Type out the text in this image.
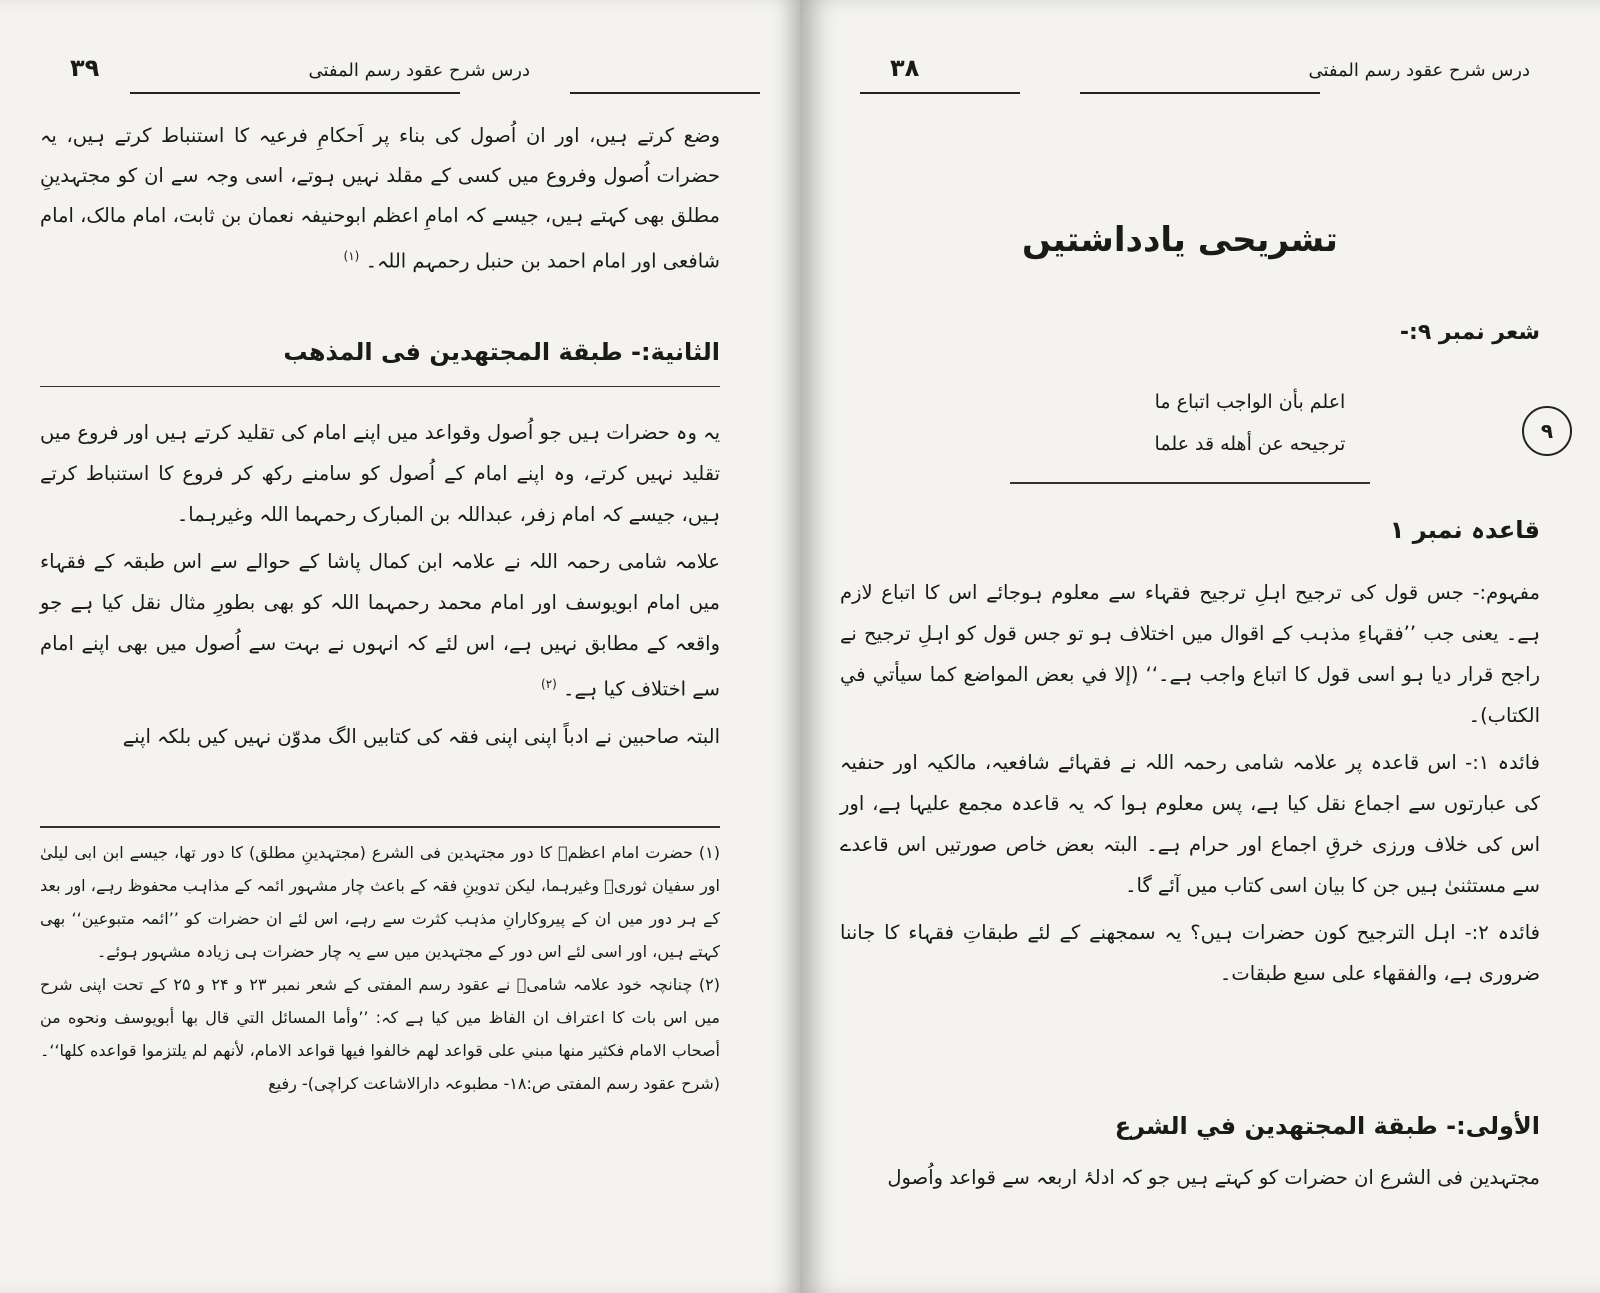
درس شرح عقود رسم المفتی
۳۹

وضع کرتے ہیں، اور ان اُصول کی بناء پر اَحکامِ فرعیہ کا استنباط کرتے ہیں، یہ حضرات اُصول وفروع میں کسی کے مقلد نہیں ہوتے، اسی وجہ سے ان کو مجتہدینِ مطلق بھی کہتے ہیں، جیسے کہ امامِ اعظم ابوحنیفہ نعمان بن ثابت، امام مالک، امام شافعی اور امام احمد بن حنبل رحمہم اللہ۔ $^{(۱)}$

الثانیة:- طبقة المجتهدين فی المذهب

یہ وہ حضرات ہیں جو اُصول وقواعد میں اپنے امام کی تقلید کرتے ہیں اور فروع میں تقلید نہیں کرتے، وہ اپنے امام کے اُصول کو سامنے رکھ کر فروع کا استنباط کرتے ہیں، جیسے کہ امام زفر، عبداللہ بن المبارک رحمہما اللہ وغیرہما۔

علامہ شامی رحمہ اللہ نے علامہ ابن کمال پاشا کے حوالے سے اس طبقہ کے فقہاء میں امام ابویوسف اور امام محمد رحمہما اللہ کو بھی بطورِ مثال نقل کیا ہے جو واقعہ کے مطابق نہیں ہے، اس لئے کہ انہوں نے بہت سے اُصول میں بھی اپنے امام سے اختلاف کیا ہے۔ $^{(۲)}$

البتہ صاحبین نے ادباً اپنی اپنی فقہ کی کتابیں الگ مدوّن نہیں کیں بلکہ اپنے

(۱) حضرت امام اعظمؒ کا دور مجتہدین فی الشرع (مجتہدینِ مطلق) کا دور تھا، جیسے ابن ابی لیلیٰ اور سفیان ثوریؒ وغیرہما، لیکن تدوینِ فقہ کے باعث چار مشہور ائمہ کے مذاہب محفوظ رہے، اور بعد کے ہر دور میں ان کے پیروکارانِ مذہب کثرت سے رہے، اس لئے ان حضرات کو ’’ائمہ متبوعین‘‘ بھی کہتے ہیں، اور اسی لئے اس دور کے مجتہدین میں سے یہ چار حضرات ہی زیادہ مشہور ہوئے۔

(۲) چنانچہ خود علامہ شامیؒ نے عقود رسم المفتی کے شعر نمبر ۲۳ و ۲۴ و ۲۵ کے تحت اپنی شرح میں اس بات کا اعتراف ان الفاظ میں کیا ہے کہ: ’’وأما المسائل التي قال بها أبويوسف ونحوه من أصحاب الامام فكثير منها مبني على قواعد لهم خالفوا فيها قواعد الامام، لأنهم لم يلتزموا قواعده كلها‘‘۔ (شرح عقود رسم المفتی ص:۱۸- مطبوعہ دارالاشاعت کراچی)- رفیع

درس شرح عقود رسم المفتی
۳۸
تشریحی یادداشتیں
شعر نمبر ۹:-
اعلم بأن الواجب اتباع ما
ترجيحه عن أهله قد علما
۹
قاعدہ نمبر ۱

مفہوم:- جس قول کی ترجیح اہلِ ترجیح فقہاء سے معلوم ہوجائے اس کا اتباع لازم ہے۔ یعنی جب ’’فقہاءِ مذہب کے اقوال میں اختلاف ہو تو جس قول کو اہلِ ترجیح نے راجح قرار دیا ہو اسی قول کا اتباع واجب ہے۔‘‘ (إلا في بعض المواضع كما سيأتي في الكتاب)۔

فائدہ ۱:- اس قاعدہ پر علامہ شامی رحمہ اللہ نے فقہائے شافعیہ، مالکیہ اور حنفیہ کی عبارتوں سے اجماع نقل کیا ہے، پس معلوم ہوا کہ یہ قاعدہ مجمع علیہا ہے، اور اس کی خلاف ورزی خرقِ اجماع اور حرام ہے۔ البتہ بعض خاص صورتیں اس قاعدے سے مستثنیٰ ہیں جن کا بیان اسی کتاب میں آئے گا۔

فائدہ ۲:- اہل الترجیح کون حضرات ہیں؟ یہ سمجھنے کے لئے طبقاتِ فقہاء کا جاننا ضروری ہے، والفقهاء على سبع طبقات۔

الأولى:- طبقة المجتهدين في الشرع
مجتہدین فی الشرع ان حضرات کو کہتے ہیں جو کہ ادلۂ اربعہ سے قواعد واُصول
